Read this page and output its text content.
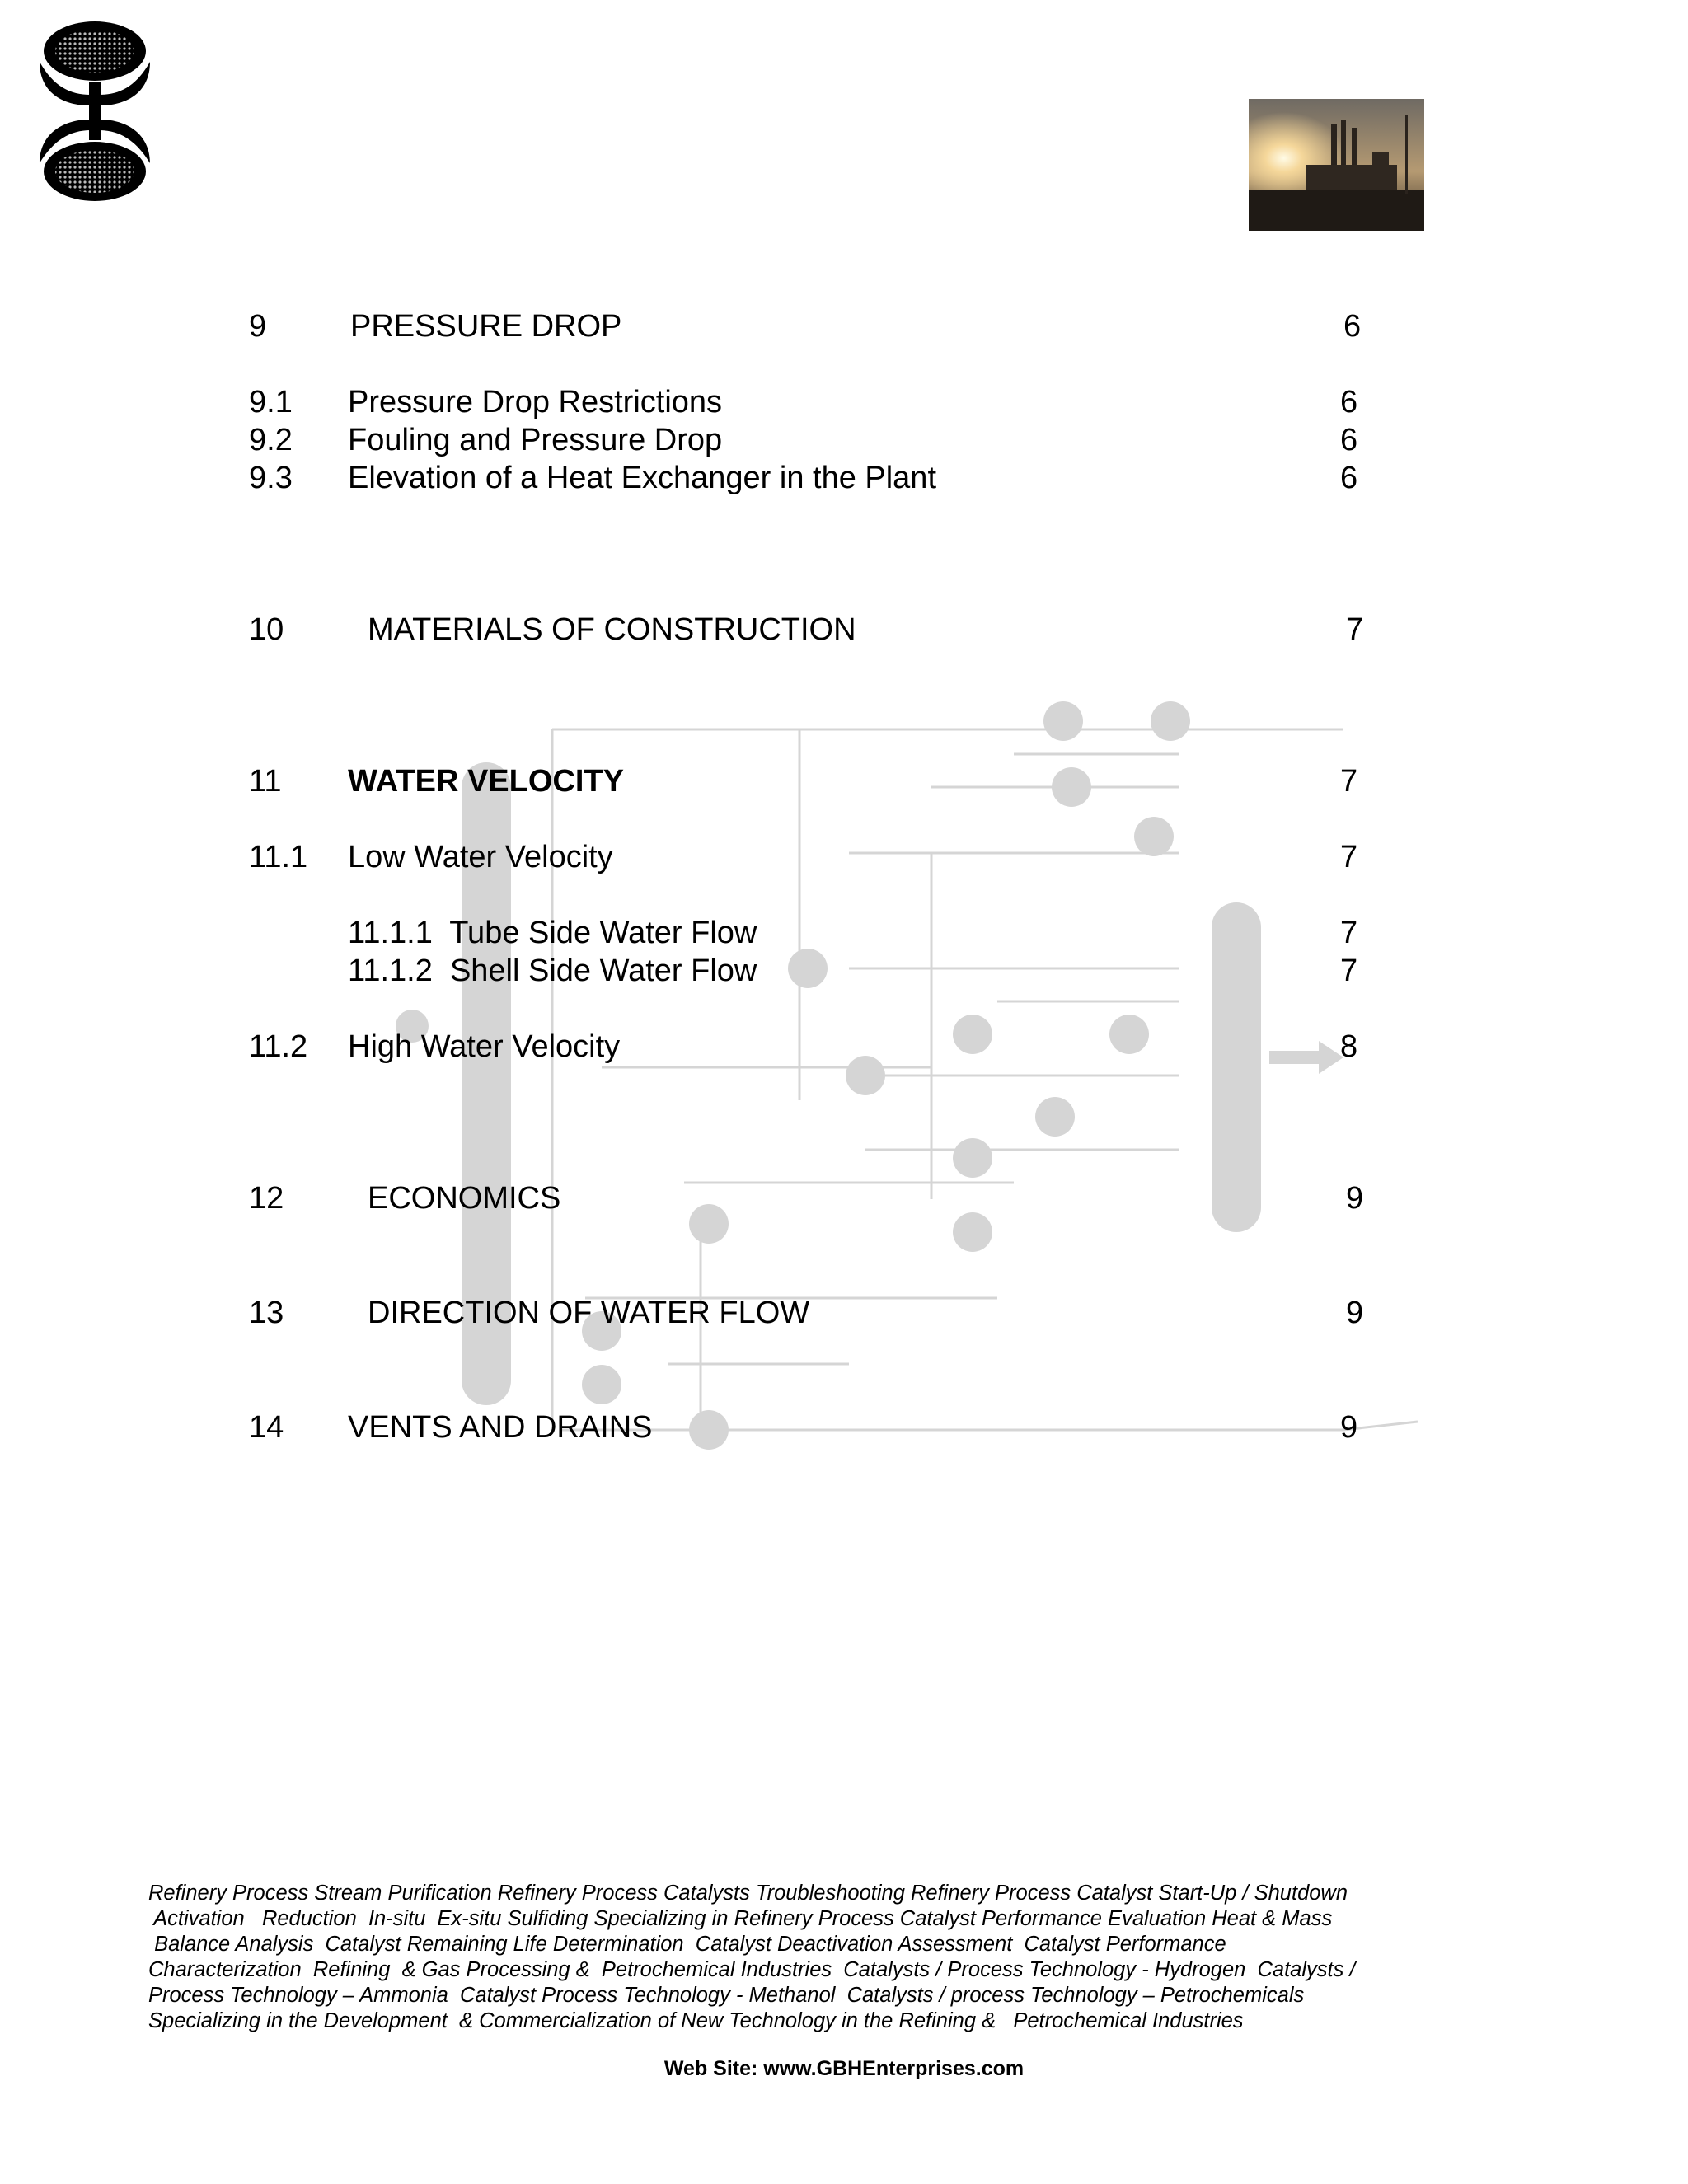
9	PRESSURE DROP	6
9.1 Pressure Drop Restrictions	6
9.2 Fouling and Pressure Drop	6
9.3 Elevation of a Heat Exchanger in the Plant	6
10	MATERIALS OF CONSTRUCTION	7
11 WATER VELOCITY	7
11.1 Low Water Velocity	7
11.1.1  Tube Side Water Flow	7
11.1.2  Shell Side Water Flow	7
11.2 High Water Velocity	8
12	ECONOMICS	9
13	DIRECTION OF WATER FLOW	9
14 VENTS AND DRAINS	9
Refinery Process Stream Purification Refinery Process Catalysts Troubleshooting Refinery Process Catalyst Start-Up / Shutdown
Activation   Reduction  In-situ  Ex-situ Sulfiding Specializing in Refinery Process Catalyst Performance Evaluation Heat & Mass
Balance Analysis  Catalyst Remaining Life Determination  Catalyst Deactivation Assessment  Catalyst Performance
Characterization  Refining  & Gas Processing &  Petrochemical Industries  Catalysts / Process Technology - Hydrogen  Catalysts /
Process Technology – Ammonia  Catalyst Process Technology - Methanol  Catalysts / process Technology – Petrochemicals
Specializing in the Development  & Commercialization of New Technology in the Refining &   Petrochemical Industries
Web Site: www.GBHEnterprises.com
